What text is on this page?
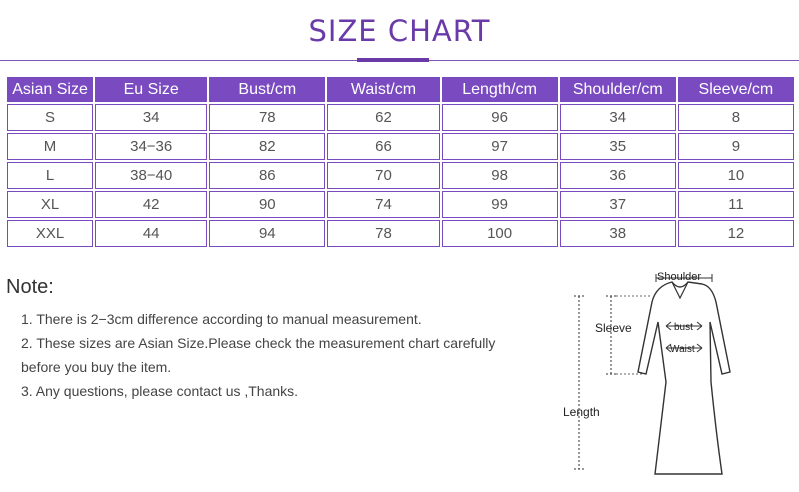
SIZE CHART
Asian Size	Eu Size	Bust/cm	Waist/cm	Length/cm	Shoulder/cm	Sleeve/cm
S	34	78	62	96	34	8
M	34−36	82	66	97	35	9
L	38−40	86	70	98	36	10
XL	42	90	74	99	37	11
XXL	44	94	78	100	38	12
Note:
1. There is 2−3cm difference according to manual measurement.
2. These sizes are Asian Size.Please check the measurement chart carefully
before you buy the item.
3. Any questions, please contact us ,Thanks.
Shoulder
Sleeve	bust
Waist
Length
